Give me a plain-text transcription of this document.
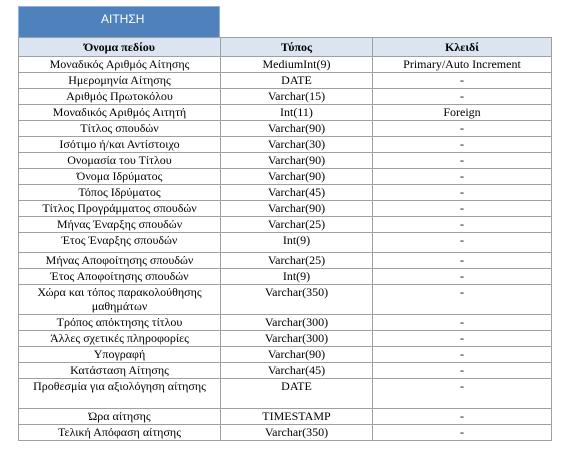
ΑΙΤΗΣΗ
Όνομα πεδίου	Τύπος	Κλειδί
Μοναδικός Αριθμός Αίτησης	MediumInt(9)	Primary/Auto Increment
Ημερομηνία Αίτησης	DATE	-
Αριθμός Πρωτοκόλου	Varchar(15)	-
Μοναδικός Αριθμός Αιτητή	Int(11)	Foreign
Τίτλος σπουδών	Varchar(90)	-
Ισότιμο ή/και Αντίστοιχο	Varchar(30)	-
Ονομασία του Τίτλου	Varchar(90)	-
Όνομα Ιδρύματος	Varchar(90)	-
Τόπος Ιδρύματος	Varchar(45)	-
Τίτλος Προγράμματος σπουδών	Varchar(90)	-
Μήνας Έναρξης σπουδών	Varchar(25)	-
Έτος Έναρξης σπουδών	Int(9)	-
Μήνας Αποφοίτησης σπουδών	Varchar(25)	-
Έτος Αποφοίτησης σπουδών	Int(9)	-
Χώρα και τόπος παρακολούθησης μαθημάτων	Varchar(350)	-
Τρόπος απόκτησης τίτλου	Varchar(300)	-
Άλλες σχετικές πληροφορίες	Varchar(300)	-
Υπογραφή	Varchar(90)	-
Κατάσταση Αίτησης	Varchar(45)	-
Προθεσμία για αξιολόγηση αίτησης	DATE	-
Ώρα αίτησης	TIMESTAMP	-
Τελική Απόφαση αίτησης	Varchar(350)	-
